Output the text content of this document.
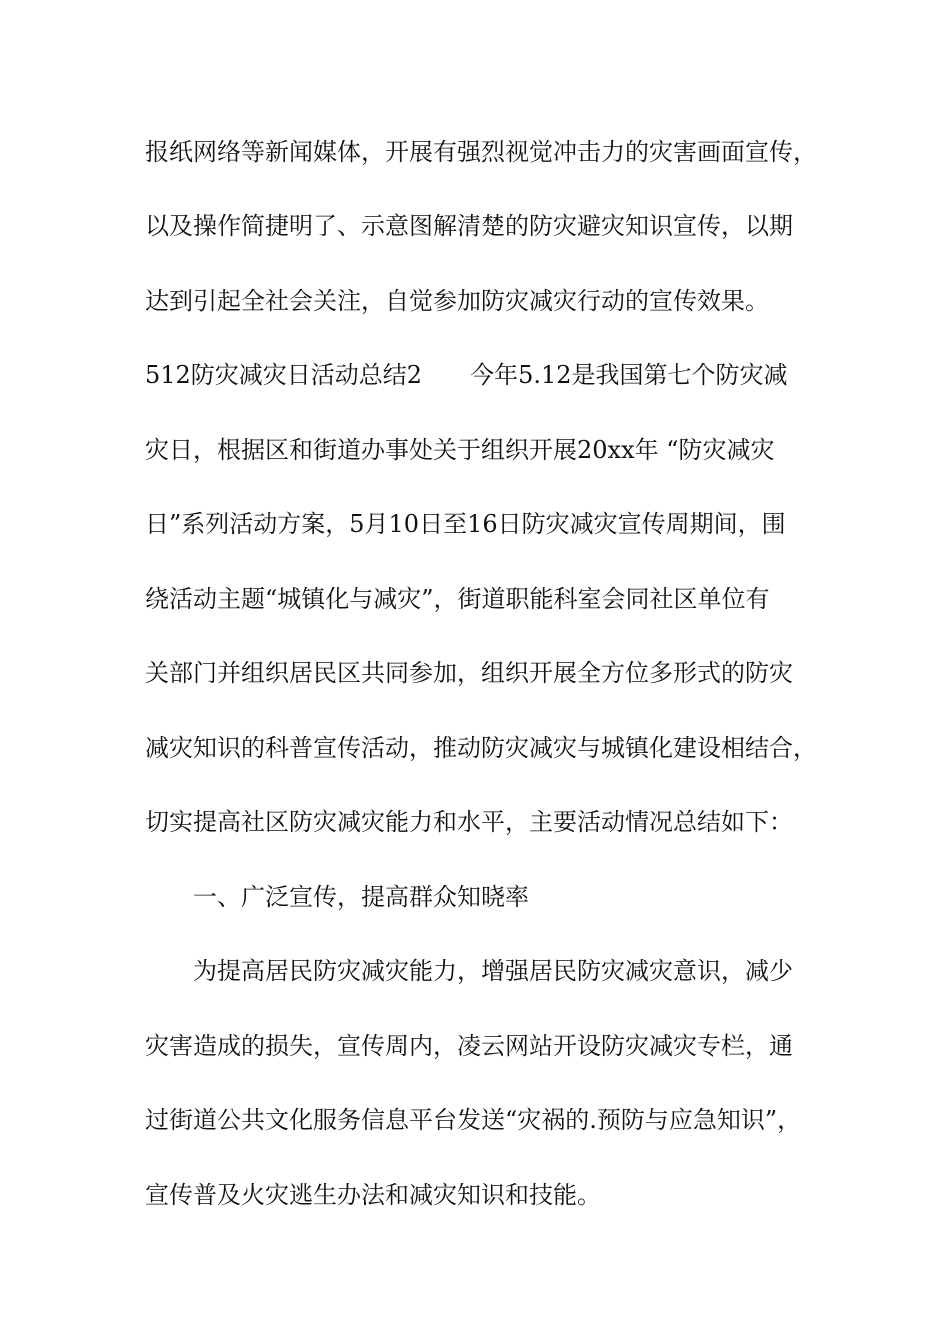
报纸网络等新闻媒体，开展有强烈视觉冲击力的灾害画面宣传，
以及操作简捷明了、示意图解清楚的防灾避灾知识宣传，以期
达到引起全社会关注，自觉参加防灾减灾行动的宣传效果。
512防灾减灾日活动总结2　　今年5.12是我国第七个防灾减
灾日，根据区和街道办事处关于组织开展20xx年 “防灾减灾
日”系列活动方案，5月10日至16日防灾减灾宣传周期间，围
绕活动主题“城镇化与减灾”，街道职能科室会同社区单位有
关部门并组织居民区共同参加，组织开展全方位多形式的防灾
减灾知识的科普宣传活动，推动防灾减灾与城镇化建设相结合，
切实提高社区防灾减灾能力和水平，主要活动情况总结如下：
一、广泛宣传，提高群众知晓率
为提高居民防灾减灾能力，增强居民防灾减灾意识，减少
灾害造成的损失，宣传周内，凌云网站开设防灾减灾专栏，通
过街道公共文化服务信息平台发送“灾祸的.预防与应急知识”，
宣传普及火灾逃生办法和减灾知识和技能。
